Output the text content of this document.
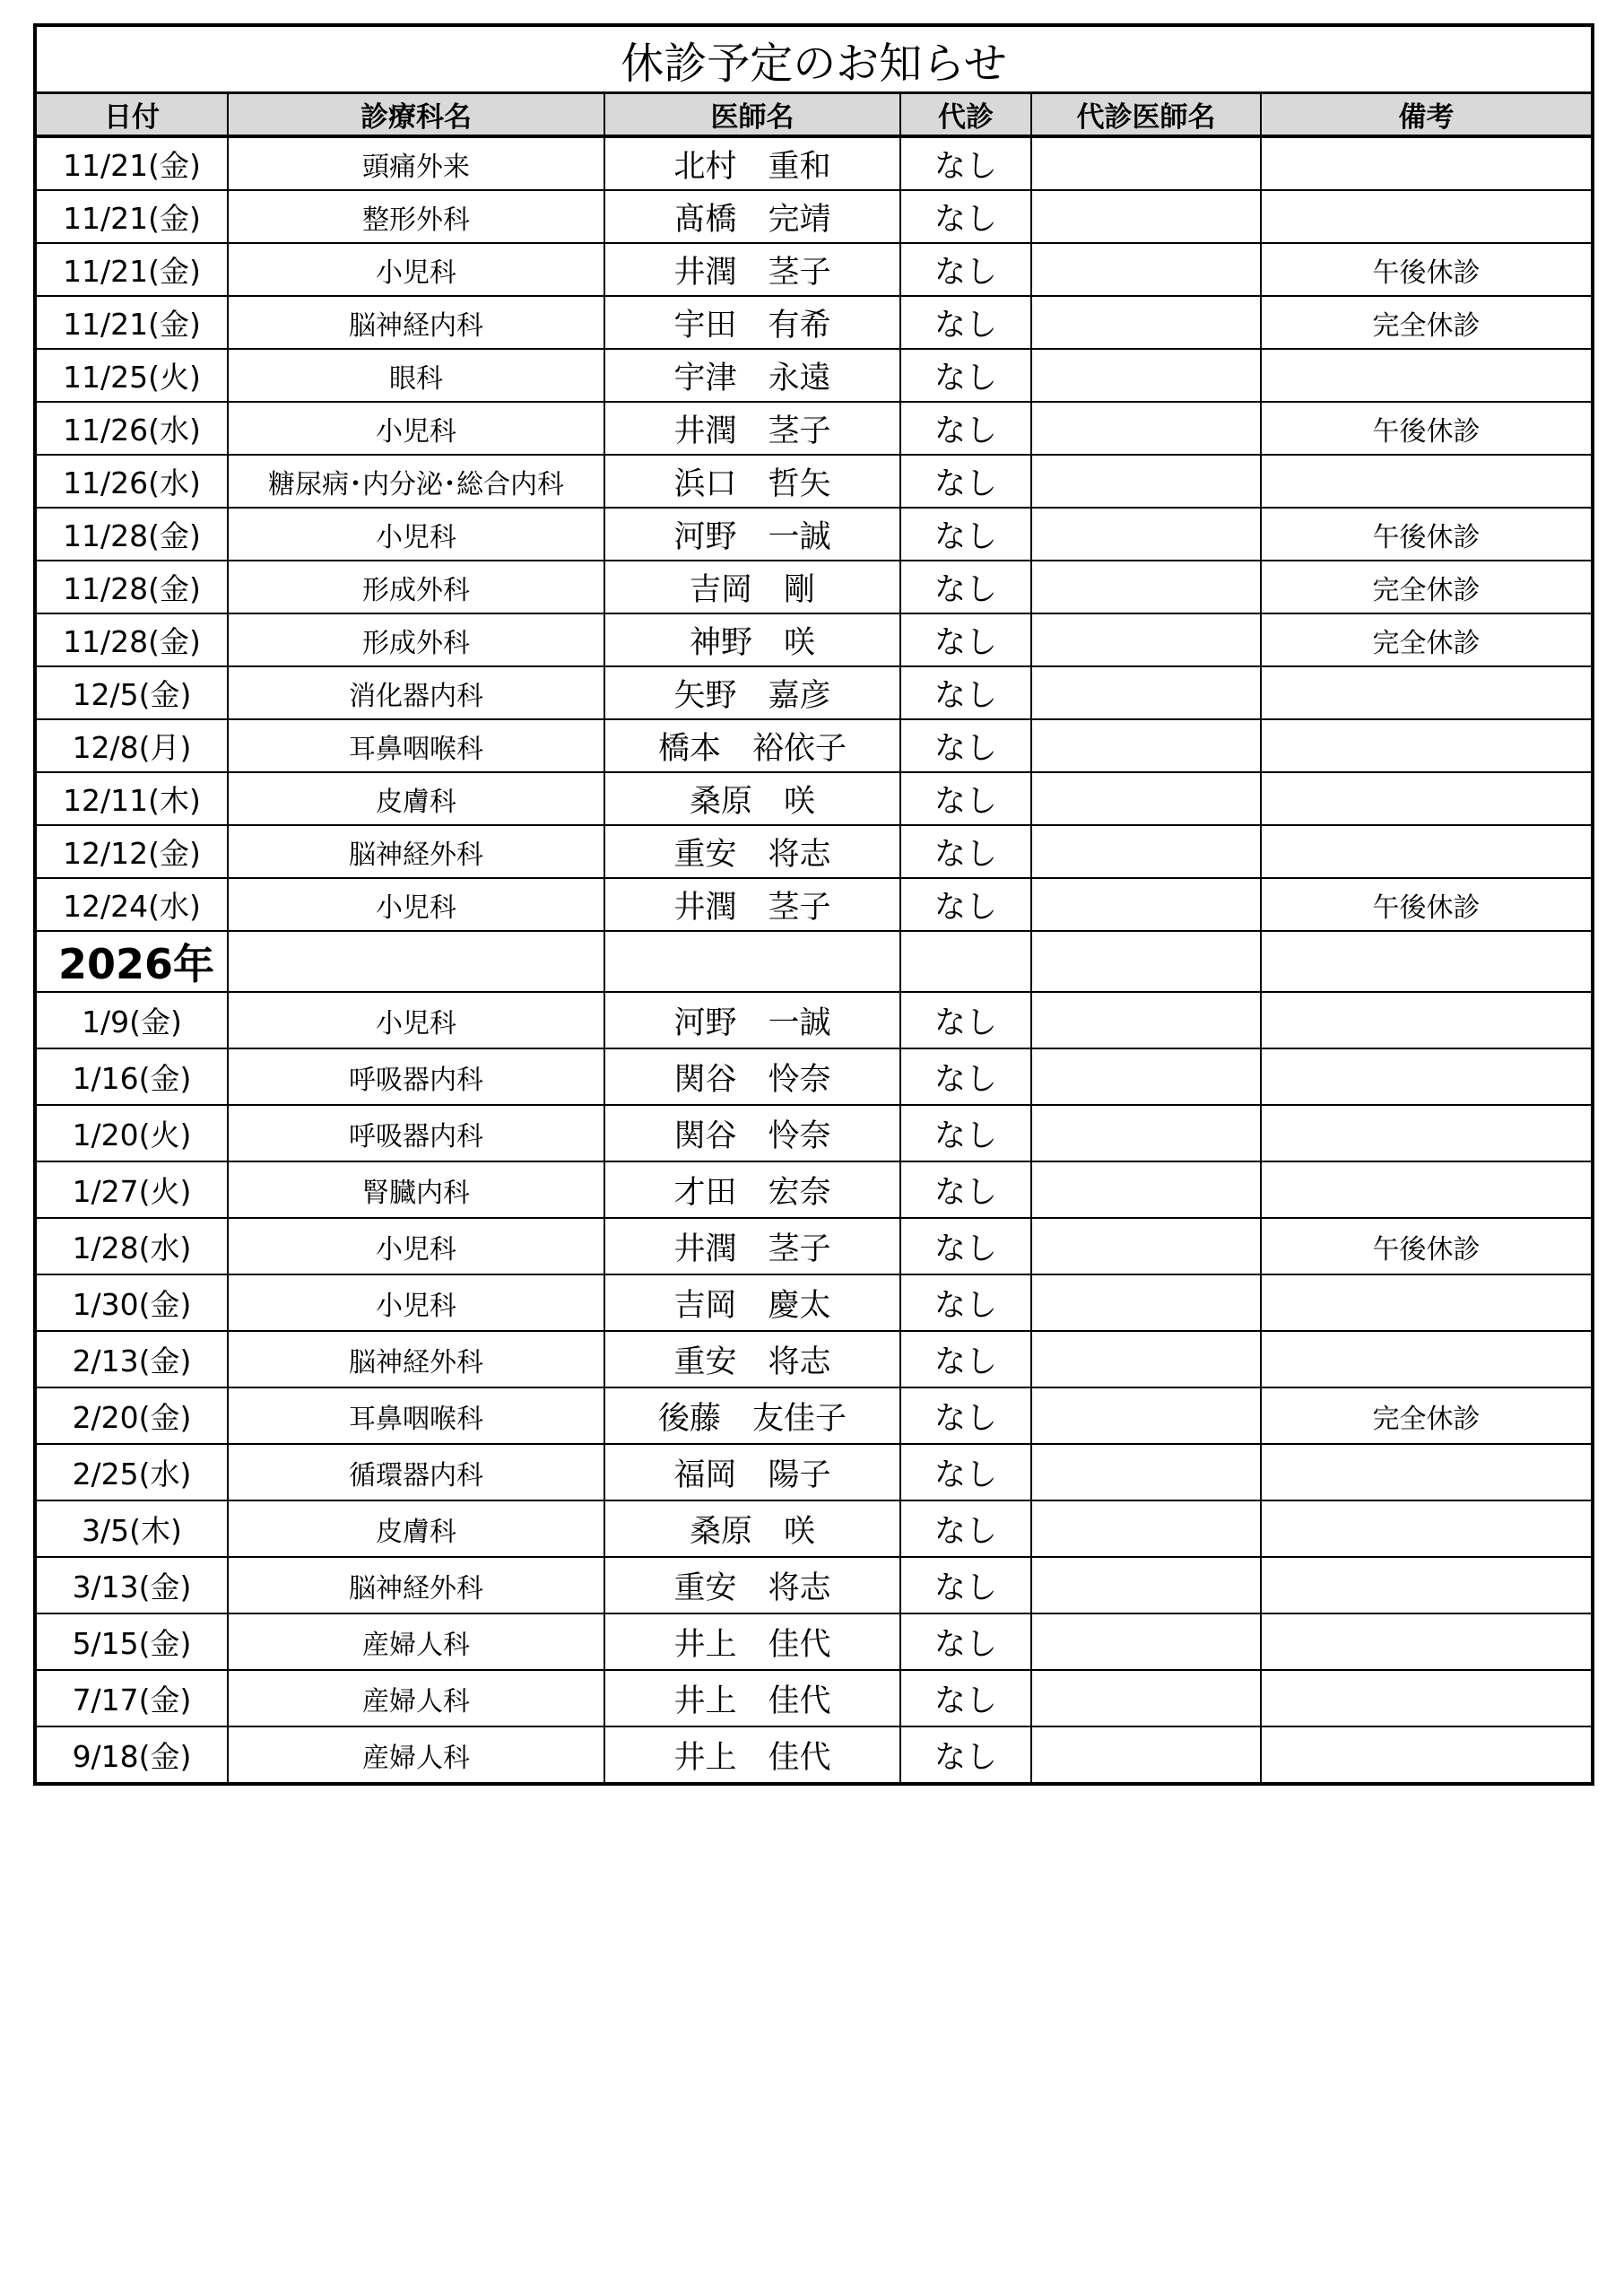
休診予定のお知らせ					
日付	診療科名	医師名	代診	代診医師名	備考
11/21(金)	頭痛外来	北村　重和	なし		
11/21(金)	整形外科	髙橋　完靖	なし		
11/21(金)	小児科	井潤　茎子	なし		午後休診
11/21(金)	脳神経内科	宇田　有希	なし		完全休診
11/25(火)	眼科	宇津　永遠	なし		
11/26(水)	小児科	井潤　茎子	なし		午後休診
11/26(水)	糖尿病･内分泌･総合内科	浜口　哲矢	なし		
11/28(金)	小児科	河野　一誠	なし		午後休診
11/28(金)	形成外科	吉岡　剛	なし		完全休診
11/28(金)	形成外科	神野　咲	なし		完全休診
12/5(金)	消化器内科	矢野　嘉彦	なし		
12/8(月)	耳鼻咽喉科	橋本　裕依子	なし		
12/11(木)	皮膚科	桑原　咲	なし		
12/12(金)	脳神経外科	重安　将志	なし		
12/24(水)	小児科	井潤　茎子	なし		午後休診
2026年					
1/9(金)	小児科	河野　一誠	なし		
1/16(金)	呼吸器内科	関谷　怜奈	なし		
1/20(火)	呼吸器内科	関谷　怜奈	なし		
1/27(火)	腎臓内科	才田　宏奈	なし		
1/28(水)	小児科	井潤　茎子	なし		午後休診
1/30(金)	小児科	吉岡　慶太	なし		
2/13(金)	脳神経外科	重安　将志	なし		
2/20(金)	耳鼻咽喉科	後藤　友佳子	なし		完全休診
2/25(水)	循環器内科	福岡　陽子	なし		
3/5(木)	皮膚科	桑原　咲	なし		
3/13(金)	脳神経外科	重安　将志	なし		
5/15(金)	産婦人科	井上　佳代	なし		
7/17(金)	産婦人科	井上　佳代	なし		
9/18(金)	産婦人科	井上　佳代	なし		
